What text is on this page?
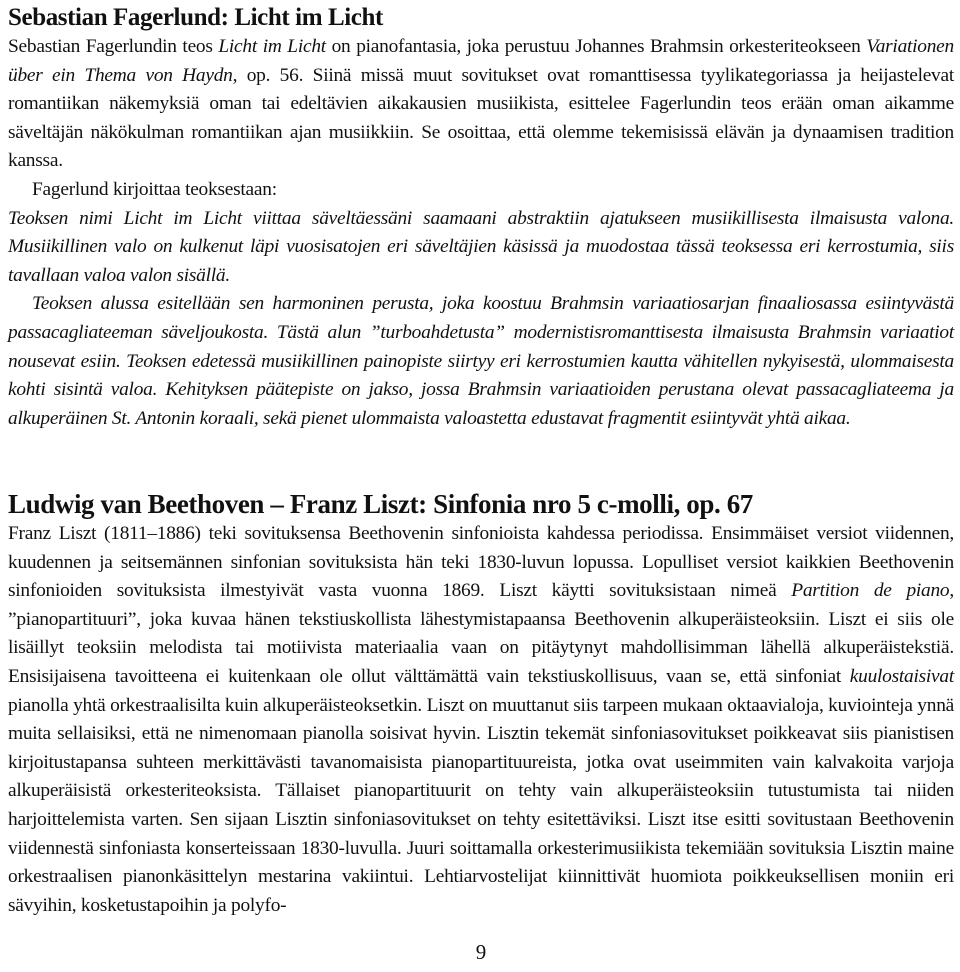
Sebastian Fagerlund: Licht im Licht

Sebastian Fagerlundin teos Licht im Licht on pianofantasia, joka perustuu Johannes Brahmsin orkesteriteokseen Variationen über ein Thema von Haydn, op. 56. Siinä missä muut sovitukset ovat romanttisessa tyylikategoriassa ja heijastelevat romantiikan näkemyksiä oman tai edeltävien aikakausien musiikista, esittelee Fagerlundin teos erään oman aikamme säveltäjän näkökulman romantiikan ajan musiikkiin. Se osoittaa, että olemme tekemisissä elävän ja dynaamisen tradition kanssa.

Fagerlund kirjoittaa teoksestaan:

Teoksen nimi Licht im Licht viittaa säveltäessäni saamaani abstraktiin ajatukseen musiikillisesta ilmaisusta valona. Musiikillinen valo on kulkenut läpi vuosisatojen eri säveltäjien käsissä ja muodostaa tässä teoksessa eri kerrostumia, siis tavallaan valoa valon sisällä.

Teoksen alussa esitellään sen harmoninen perusta, joka koostuu Brahmsin variaatiosarjan finaaliosassa esiintyvästä passacagliateeman säveljoukosta. Tästä alun ”turboahdetusta” modernistisromanttisesta ilmaisusta Brahmsin variaatiot nousevat esiin. Teoksen edetessä musiikillinen painopiste siirtyy eri kerrostumien kautta vähitellen nykyisestä, ulommaisesta kohti sisintä valoa. Kehityksen päätepiste on jakso, jossa Brahmsin variaatioiden perustana olevat passacagliateema ja alkuperäinen St. Antonin koraali, sekä pienet ulommaista valoastetta edustavat fragmentit esiintyvät yhtä aikaa.

Ludwig van Beethoven – Franz Liszt: Sinfonia nro 5 c-molli, op. 67

Franz Liszt (1811–1886) teki sovituksensa Beethovenin sinfonioista kahdessa periodissa. Ensimmäiset versiot viidennen, kuudennen ja seitsemännen sinfonian sovituksista hän teki 1830-luvun lopussa. Lopulliset versiot kaikkien Beethovenin sinfonioiden sovituksista ilmestyivät vasta vuonna 1869. Liszt käytti sovituksistaan nimeä Partition de piano, ”pianopartituuri”, joka kuvaa hänen tekstiuskollista lähestymistapaansa Beethovenin alkuperäisteoksiin. Liszt ei siis ole lisäillyt teoksiin melodista tai motiivista materiaalia vaan on pitäytynyt mahdollisimman lähellä alkuperäistekstiä. Ensisijaisena tavoitteena ei kuitenkaan ole ollut välttämättä vain tekstiuskollisuus, vaan se, että sinfoniat kuulostaisivat pianolla yhtä orkestraalisilta kuin alkuperäisteoksetkin. Liszt on muuttanut siis tarpeen mukaan oktaavialoja, kuviointeja ynnä muita sellaisiksi, että ne nimenomaan pianolla soisivat hyvin. Lisztin tekemät sinfoniasovitukset poikkeavat siis pianistisen kirjoitustapansa suhteen merkittävästi tavanomaisista pianopartituureista, jotka ovat useimmiten vain kalvakoita varjoja alkuperäisistä orkesteriteoksista. Tällaiset pianopartituurit on tehty vain alkuperäisteoksiin tutustumista tai niiden harjoittelemista varten. Sen sijaan Lisztin sinfoniasovitukset on tehty esitettäviksi. Liszt itse esitti sovitustaan Beethovenin viidennestä sinfoniasta konserteissaan 1830-luvulla. Juuri soittamalla orkesterimusiikista tekemiään sovituksia Lisztin maine orkestraalisen pianonkäsittelyn mestarina vakiintui. Lehtiarvostelijat kiinnittivät huomiota poikkeuksellisen moniin eri sävyihin, kosketustapoihin ja polyfo-

9
